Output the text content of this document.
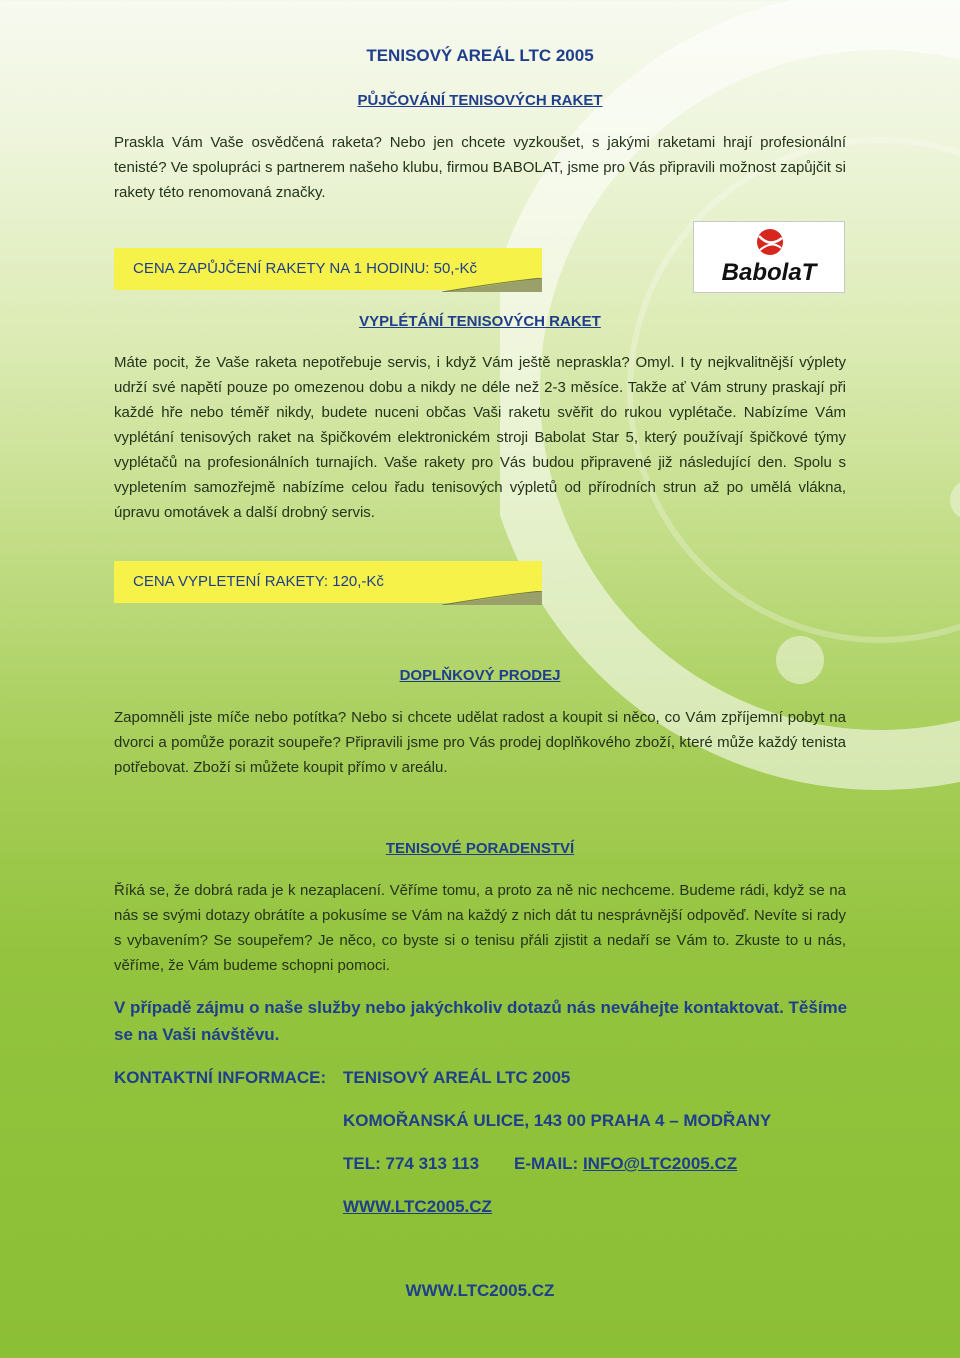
TENISOVÝ AREÁL LTC 2005
PŮJČOVÁNÍ TENISOVÝCH RAKET
Praskla Vám Vaše osvědčená raketa? Nebo jen chcete vyzkoušet, s jakými raketami hrají profesionální tenisté? Ve spolupráci s partnerem našeho klubu, firmou BABOLAT, jsme pro Vás připravili možnost zapůjčit si rakety této renomovaná značky.
CENA ZAPŮJČENÍ RAKETY NA 1 HODINU: 50,-Kč	BabolaT
VYPLÉTÁNÍ TENISOVÝCH RAKET
Máte pocit, že Vaše raketa nepotřebuje servis, i když Vám ještě nepraskla? Omyl. I ty nejkvalitnější výplety udrží své napětí pouze po omezenou dobu a nikdy ne déle než 2-3 měsíce. Takže ať Vám struny praskají při každé hře nebo téměř nikdy, budete nuceni občas Vaši raketu svěřit do rukou vyplétače. Nabízíme Vám vyplétání tenisových raket na špičkovém elektronickém stroji Babolat Star 5, který používají špičkové týmy vyplétačů na profesionálních turnajích. Vaše rakety pro Vás budou připravené již následující den. Spolu s vypletením samozřejmě nabízíme celou řadu tenisových výpletů od přírodních strun až po umělá vlákna, úpravu omotávek a další drobný servis.
CENA VYPLETENÍ RAKETY: 120,-Kč
DOPLŇKOVÝ PRODEJ
Zapomněli jste míče nebo potítka? Nebo si chcete udělat radost a koupit si něco, co Vám zpříjemní pobyt na dvorci a pomůže porazit soupeře? Připravili jsme pro Vás prodej doplňkového zboží, které může každý tenista potřebovat. Zboží si můžete koupit přímo v areálu.
TENISOVÉ PORADENSTVÍ
Říká se, že dobrá rada je k nezaplacení. Věříme tomu, a proto za ně nic nechceme. Budeme rádi, když se na nás se svými dotazy obrátíte a pokusíme se Vám na každý z nich dát tu nesprávnější odpověď. Nevíte si rady s vybavením? Se soupeřem? Je něco, co byste si o tenisu přáli zjistit a nedaří se Vám to. Zkuste to u nás, věříme, že Vám budeme schopni pomoci.
V případě zájmu o naše služby nebo jakýchkoliv dotazů nás neváhejte kontaktovat. Těšíme se na Vaši návštěvu.
KONTAKTNÍ INFORMACE: TENISOVÝ AREÁL LTC 2005
KOMOŘANSKÁ ULICE, 143 00 PRAHA 4 – MODŘANY
TEL: 774 313 113 E-MAIL: INFO@LTC2005.CZ
WWW.LTC2005.CZ
WWW.LTC2005.CZ
